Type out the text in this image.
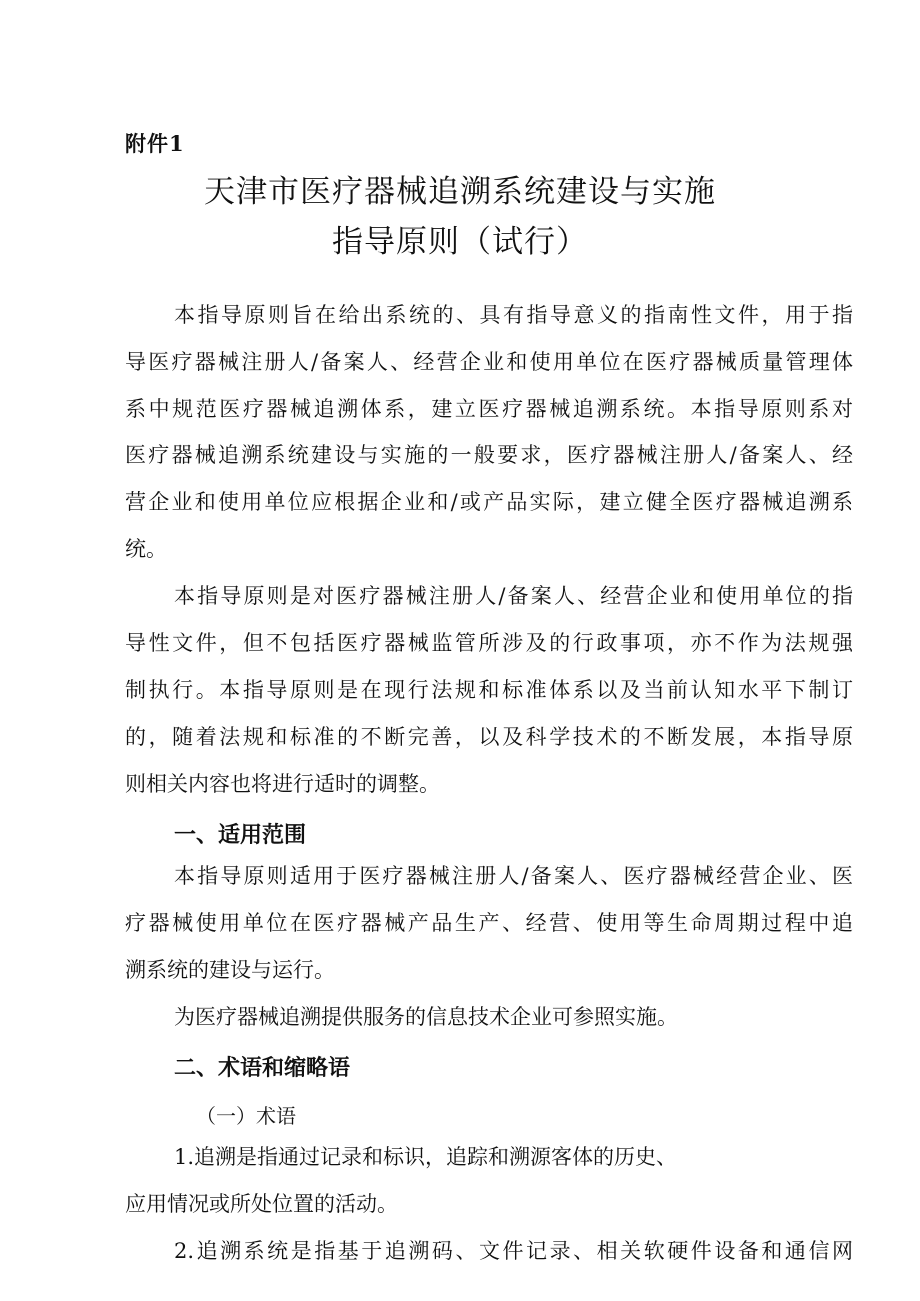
附件1
天津市医疗器械追溯系统建设与实施
指导原则（试行）
本指导原则旨在给出系统的、具有指导意义的指南性文件，用于指
导医疗器械注册人/备案人、经营企业和使用单位在医疗器械质量管理体
系中规范医疗器械追溯体系，建立医疗器械追溯系统。本指导原则系对
医疗器械追溯系统建设与实施的一般要求，医疗器械注册人/备案人、经
营企业和使用单位应根据企业和/或产品实际，建立健全医疗器械追溯系
统。
本指导原则是对医疗器械注册人/备案人、经营企业和使用单位的指
导性文件，但不包括医疗器械监管所涉及的行政事项，亦不作为法规强
制执行。本指导原则是在现行法规和标准体系以及当前认知水平下制订
的，随着法规和标准的不断完善，以及科学技术的不断发展，本指导原
则相关内容也将进行适时的调整。
一、适用范围
本指导原则适用于医疗器械注册人/备案人、医疗器械经营企业、医
疗器械使用单位在医疗器械产品生产、经营、使用等生命周期过程中追
溯系统的建设与运行。
为医疗器械追溯提供服务的信息技术企业可参照实施。
二、术语和缩略语
（一）术语
1.追溯是指通过记录和标识，追踪和溯源客体的历史、
应用情况或所处位置的活动。
2.追溯系统是指基于追溯码、文件记录、相关软硬件设备和通信网
